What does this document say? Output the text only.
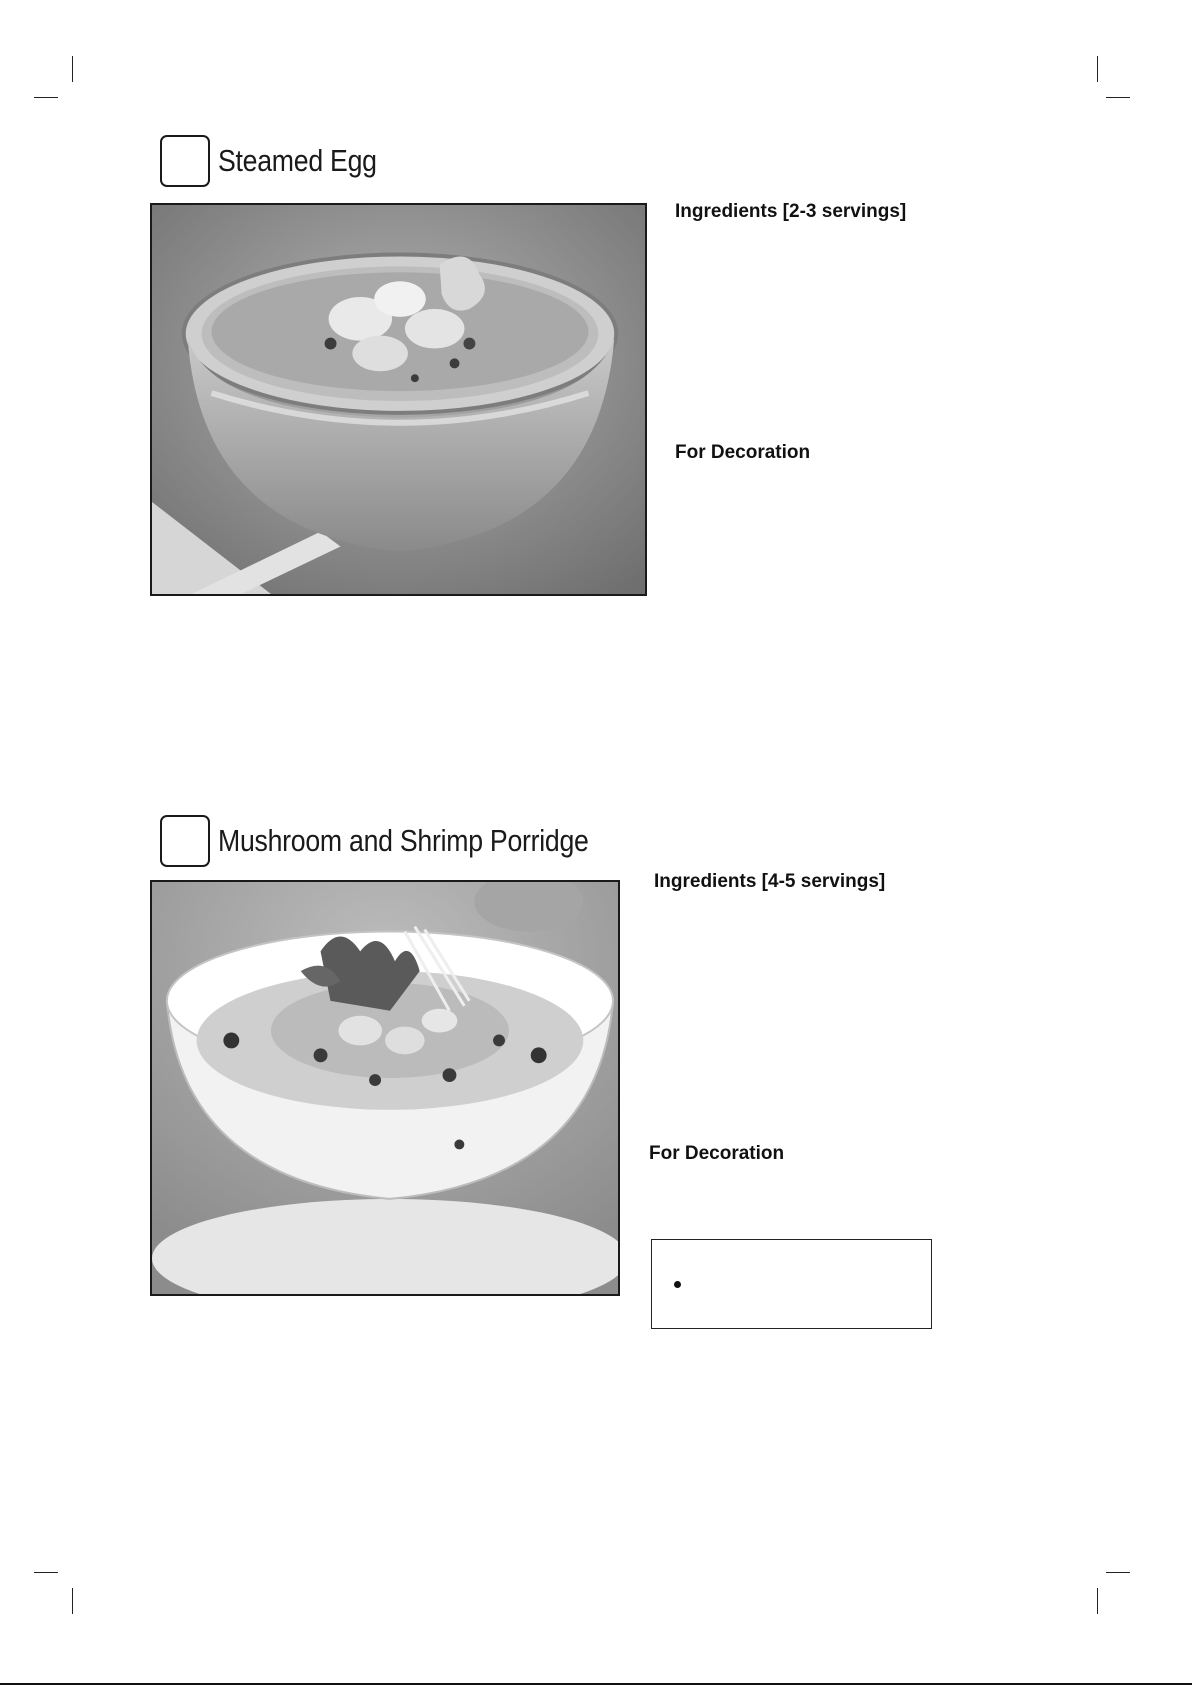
Steamed Egg
Ingredients [2-3 servings]
For Decoration
Mushroom and Shrimp Porridge
Ingredients [4-5 servings]
For Decoration
